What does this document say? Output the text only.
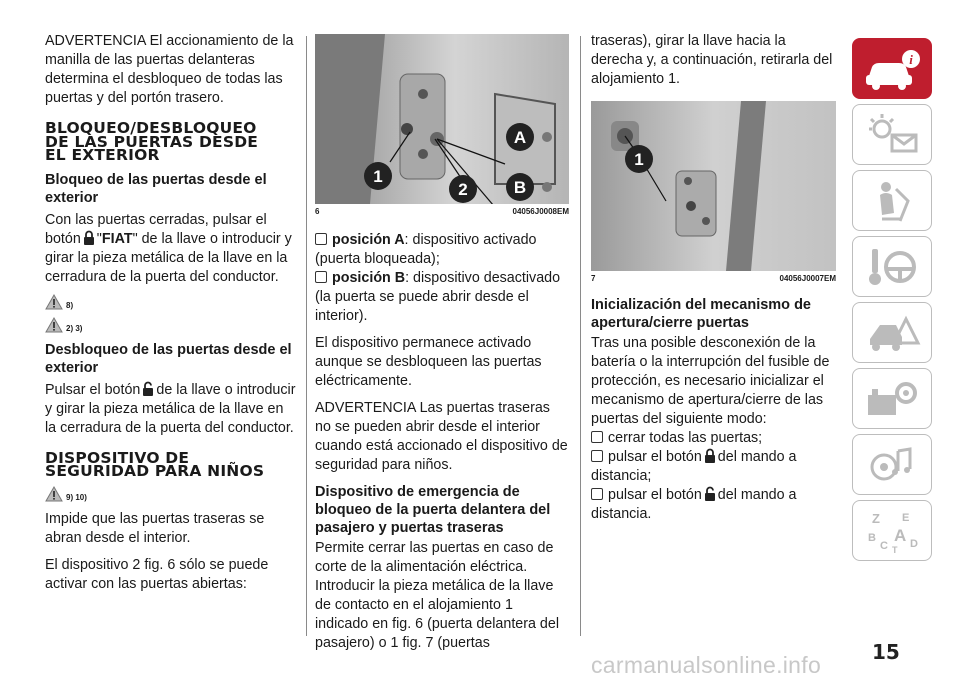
ADVERTENCIA El accionamiento de la manilla de las puertas delanteras determina el desbloqueo de todas las puertas y del portón trasero.

BLOQUEO/DESBLOQUEO
DE LAS PUERTAS DESDE
EL EXTERIOR
Bloqueo de las puertas desde el exterior

Con las puertas cerradas, pulsar el botón "FIAT" de la llave o introducir y girar la pieza metálica de la llave en la cerradura de la puerta del conductor.

8)
2) 3)
Desbloqueo de las puertas desde el exterior

Pulsar el botón de la llave o introducir y girar la pieza metálica de la llave en la cerradura de la puerta del conductor.

DISPOSITIVO DE
SEGURIDAD PARA NIÑOS
9) 10)

Impide que las puertas traseras se abran desde el interior.

El dispositivo 2 fig. 6 sólo se puede activar con las puertas abiertas:

1
2
A
B
6	04056J0008EM

posición A: dispositivo activado (puerta bloqueada);

posición B: dispositivo desactivado (la puerta se puede abrir desde el interior).

El dispositivo permanece activado aunque se desbloqueen las puertas eléctricamente.

ADVERTENCIA Las puertas traseras no se pueden abrir desde el interior cuando está accionado el dispositivo de seguridad para niños.

Dispositivo de emergencia de bloqueo de la puerta delantera del pasajero y puertas traseras

Permite cerrar las puertas en caso de corte de la alimentación eléctrica. Introducir la pieza metálica de la llave de contacto en el alojamiento 1 indicado en fig. 6 (puerta delantera del pasajero) o 1 fig. 7 (puertas

traseras), girar la llave hacia la derecha y, a continuación, retirarla del alojamiento 1.

1
7	04056J0007EM
Inicialización del mecanismo de apertura/cierre puertas

Tras una posible desconexión de la batería o la interrupción del fusible de protección, es necesario inicializar el mecanismo de apertura/cierre de las puertas del siguiente modo:

cerrar todas las puertas;

pulsar el botón del mando a distancia;

pulsar el botón del mando a distancia.

i
Z E
B A
C T D
15
carmanualsonline.info
